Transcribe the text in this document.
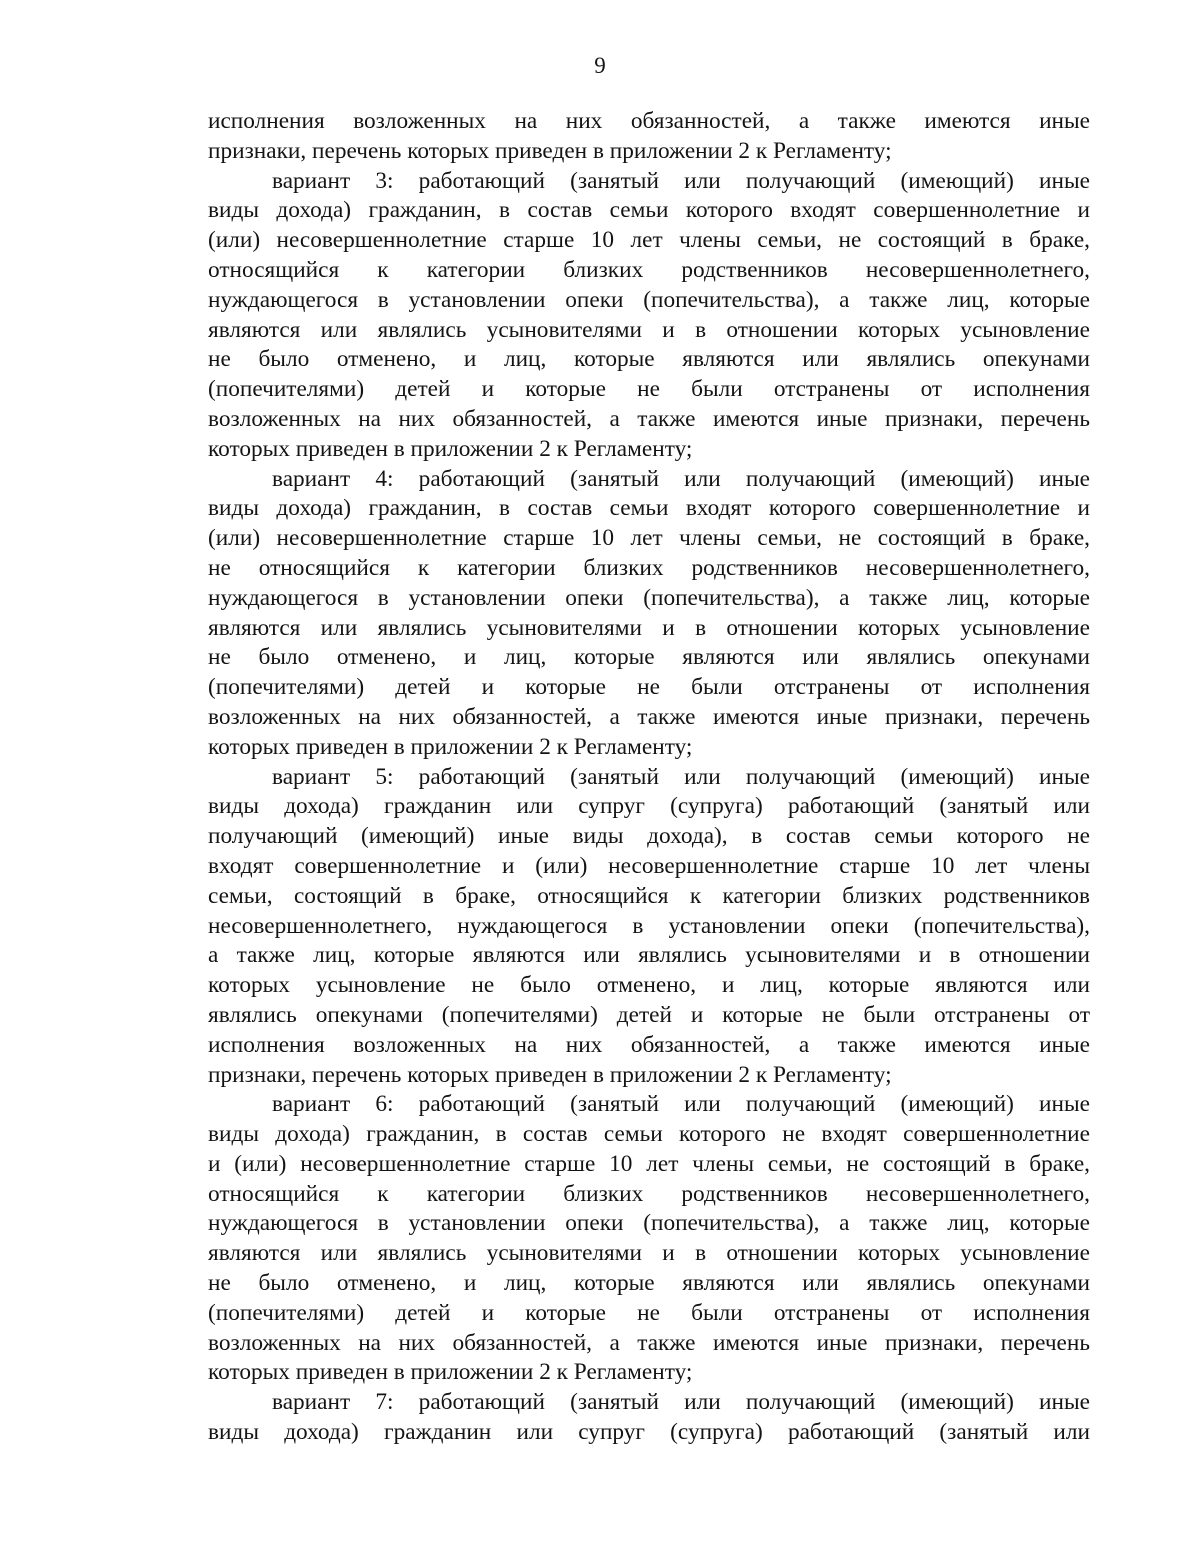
9
исполнения возложенных на них обязанностей, а также имеются иные
признаки, перечень которых приведен в приложении 2 к Регламенту;
вариант 3: работающий (занятый или получающий (имеющий) иные
виды дохода) гражданин, в состав семьи которого входят совершеннолетние и
(или) несовершеннолетние старше 10 лет члены семьи, не состоящий в браке,
относящийся к категории близких родственников несовершеннолетнего,
нуждающегося в установлении опеки (попечительства), а также лиц, которые
являются или являлись усыновителями и в отношении которых усыновление
не было отменено, и лиц, которые являются или являлись опекунами
(попечителями) детей и которые не были отстранены от исполнения
возложенных на них обязанностей, а также имеются иные признаки, перечень
которых приведен в приложении 2 к Регламенту;
вариант 4: работающий (занятый или получающий (имеющий) иные
виды дохода) гражданин, в состав семьи входят которого совершеннолетние и
(или) несовершеннолетние старше 10 лет члены семьи, не состоящий в браке,
не относящийся к категории близких родственников несовершеннолетнего,
нуждающегося в установлении опеки (попечительства), а также лиц, которые
являются или являлись усыновителями и в отношении которых усыновление
не было отменено, и лиц, которые являются или являлись опекунами
(попечителями) детей и которые не были отстранены от исполнения
возложенных на них обязанностей, а также имеются иные признаки, перечень
которых приведен в приложении 2 к Регламенту;
вариант 5: работающий (занятый или получающий (имеющий) иные
виды дохода) гражданин или супруг (супруга) работающий (занятый или
получающий (имеющий) иные виды дохода), в состав семьи которого не
входят совершеннолетние и (или) несовершеннолетние старше 10 лет члены
семьи, состоящий в браке, относящийся к категории близких родственников
несовершеннолетнего, нуждающегося в установлении опеки (попечительства),
а также лиц, которые являются или являлись усыновителями и в отношении
которых усыновление не было отменено, и лиц, которые являются или
являлись опекунами (попечителями) детей и которые не были отстранены от
исполнения возложенных на них обязанностей, а также имеются иные
признаки, перечень которых приведен в приложении 2 к Регламенту;
вариант 6: работающий (занятый или получающий (имеющий) иные
виды дохода) гражданин, в состав семьи которого не входят совершеннолетние
и (или) несовершеннолетние старше 10 лет члены семьи, не состоящий в браке,
относящийся к категории близких родственников несовершеннолетнего,
нуждающегося в установлении опеки (попечительства), а также лиц, которые
являются или являлись усыновителями и в отношении которых усыновление
не было отменено, и лиц, которые являются или являлись опекунами
(попечителями) детей и которые не были отстранены от исполнения
возложенных на них обязанностей, а также имеются иные признаки, перечень
которых приведен в приложении 2 к Регламенту;
вариант 7: работающий (занятый или получающий (имеющий) иные
виды дохода) гражданин или супруг (супруга) работающий (занятый или
